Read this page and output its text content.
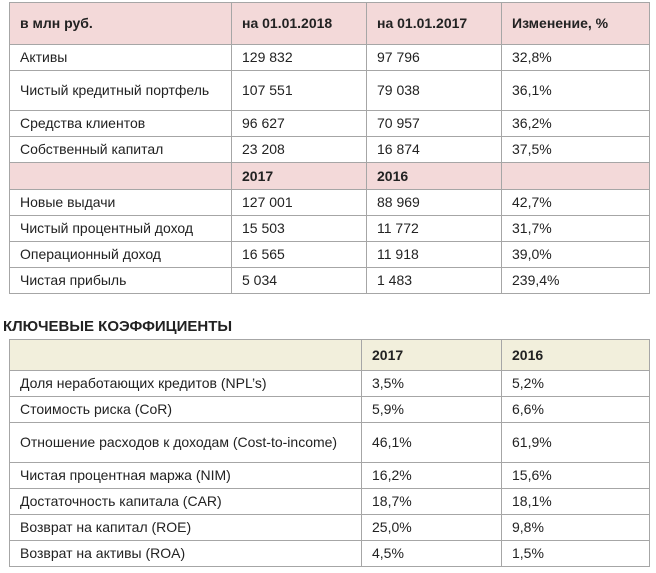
в млн руб.	на 01.01.2018	на 01.01.2017	Изменение, %
Активы	129 832	97 796	32,8%
Чистый кредитный портфель	107 551	79 038	36,1%
Средства клиентов	96 627	70 957	36,2%
Собственный капитал	23 208	16 874	37,5%
	2017	2016	
Новые выдачи	127 001	88 969	42,7%
Чистый процентный доход	15 503	11 772	31,7%
Операционный доход	16 565	11 918	39,0%
Чистая прибыль	5 034	1 483	239,4%
КЛЮЧЕВЫЕ КОЭФФИЦИЕНТЫ
	2017	2016
Доля неработающих кредитов (NPL’s)	3,5%	5,2%
Стоимость риска (CoR)	5,9%	6,6%
Отношение расходов к доходам (Cost-to-income)	46,1%	61,9%
Чистая процентная маржа (NIM)	16,2%	15,6%
Достаточность капитала (CAR)	18,7%	18,1%
Возврат на капитал (ROE)	25,0%	9,8%
Возврат на активы (ROA)	4,5%	1,5%
